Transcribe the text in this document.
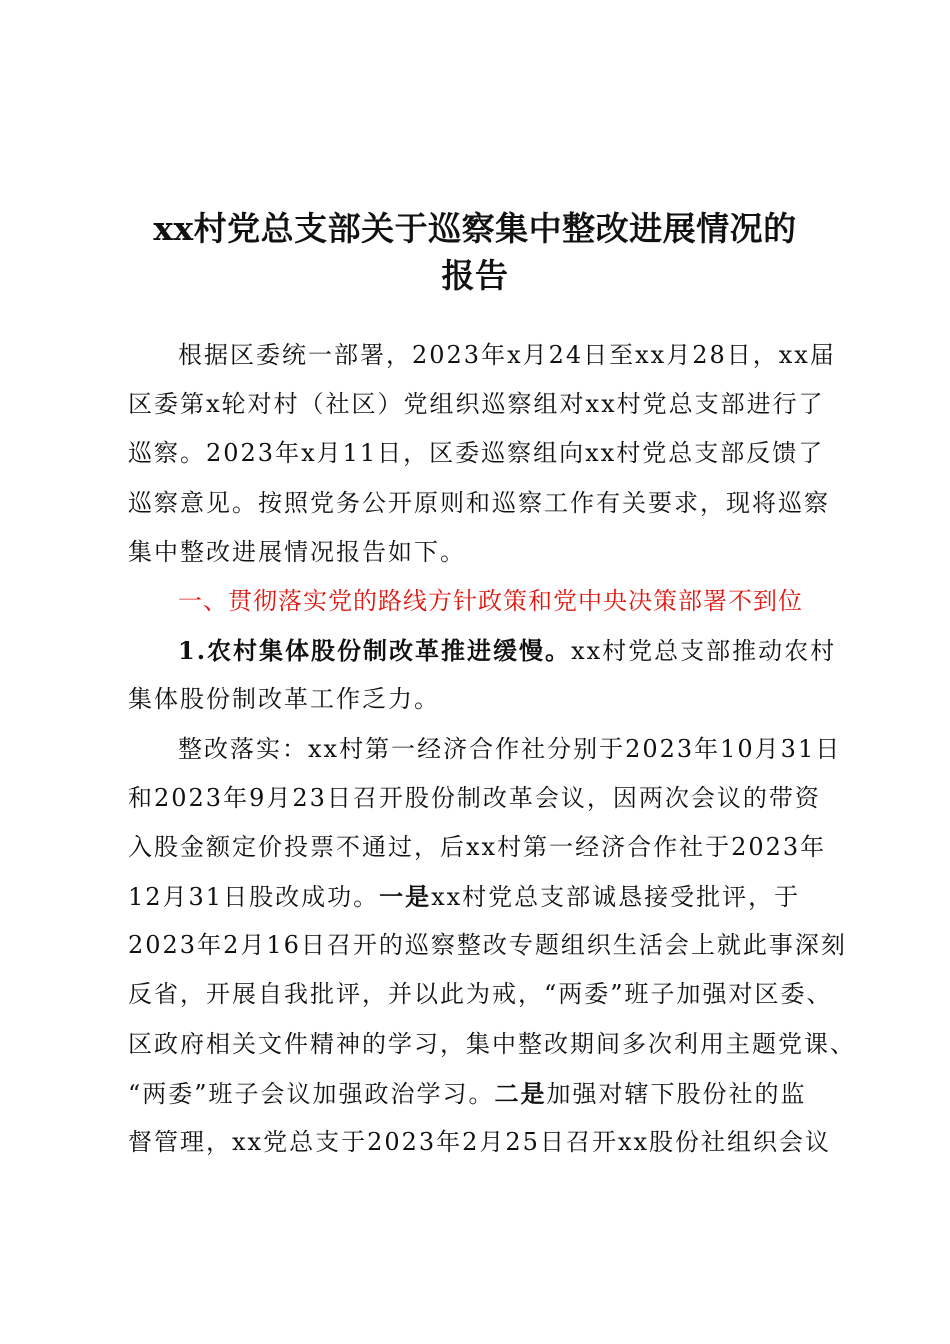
xx村党总支部关于巡察集中整改进展情况的
报告
根据区委统一部署，2023年x月24日至xx月28日，xx届
区委第x轮对村（社区）党组织巡察组对xx村党总支部进行了
巡察。2023年x月11日，区委巡察组向xx村党总支部反馈了
巡察意见。按照党务公开原则和巡察工作有关要求，现将巡察
集中整改进展情况报告如下。
一、贯彻落实党的路线方针政策和党中央决策部署不到位
1.农村集体股份制改革推进缓慢。xx村党总支部推动农村
集体股份制改革工作乏力。
整改落实：xx村第一经济合作社分别于2023年10月31日
和2023年9月23日召开股份制改革会议，因两次会议的带资
入股金额定价投票不通过，后xx村第一经济合作社于2023年
12月31日股改成功。一是xx村党总支部诚恳接受批评，于
2023年2月16日召开的巡察整改专题组织生活会上就此事深刻
反省，开展自我批评，并以此为戒，“两委”班子加强对区委、
区政府相关文件精神的学习，集中整改期间多次利用主题党课、
“两委”班子会议加强政治学习。二是加强对辖下股份社的监
督管理，xx党总支于2023年2月25日召开xx股份社组织会议
